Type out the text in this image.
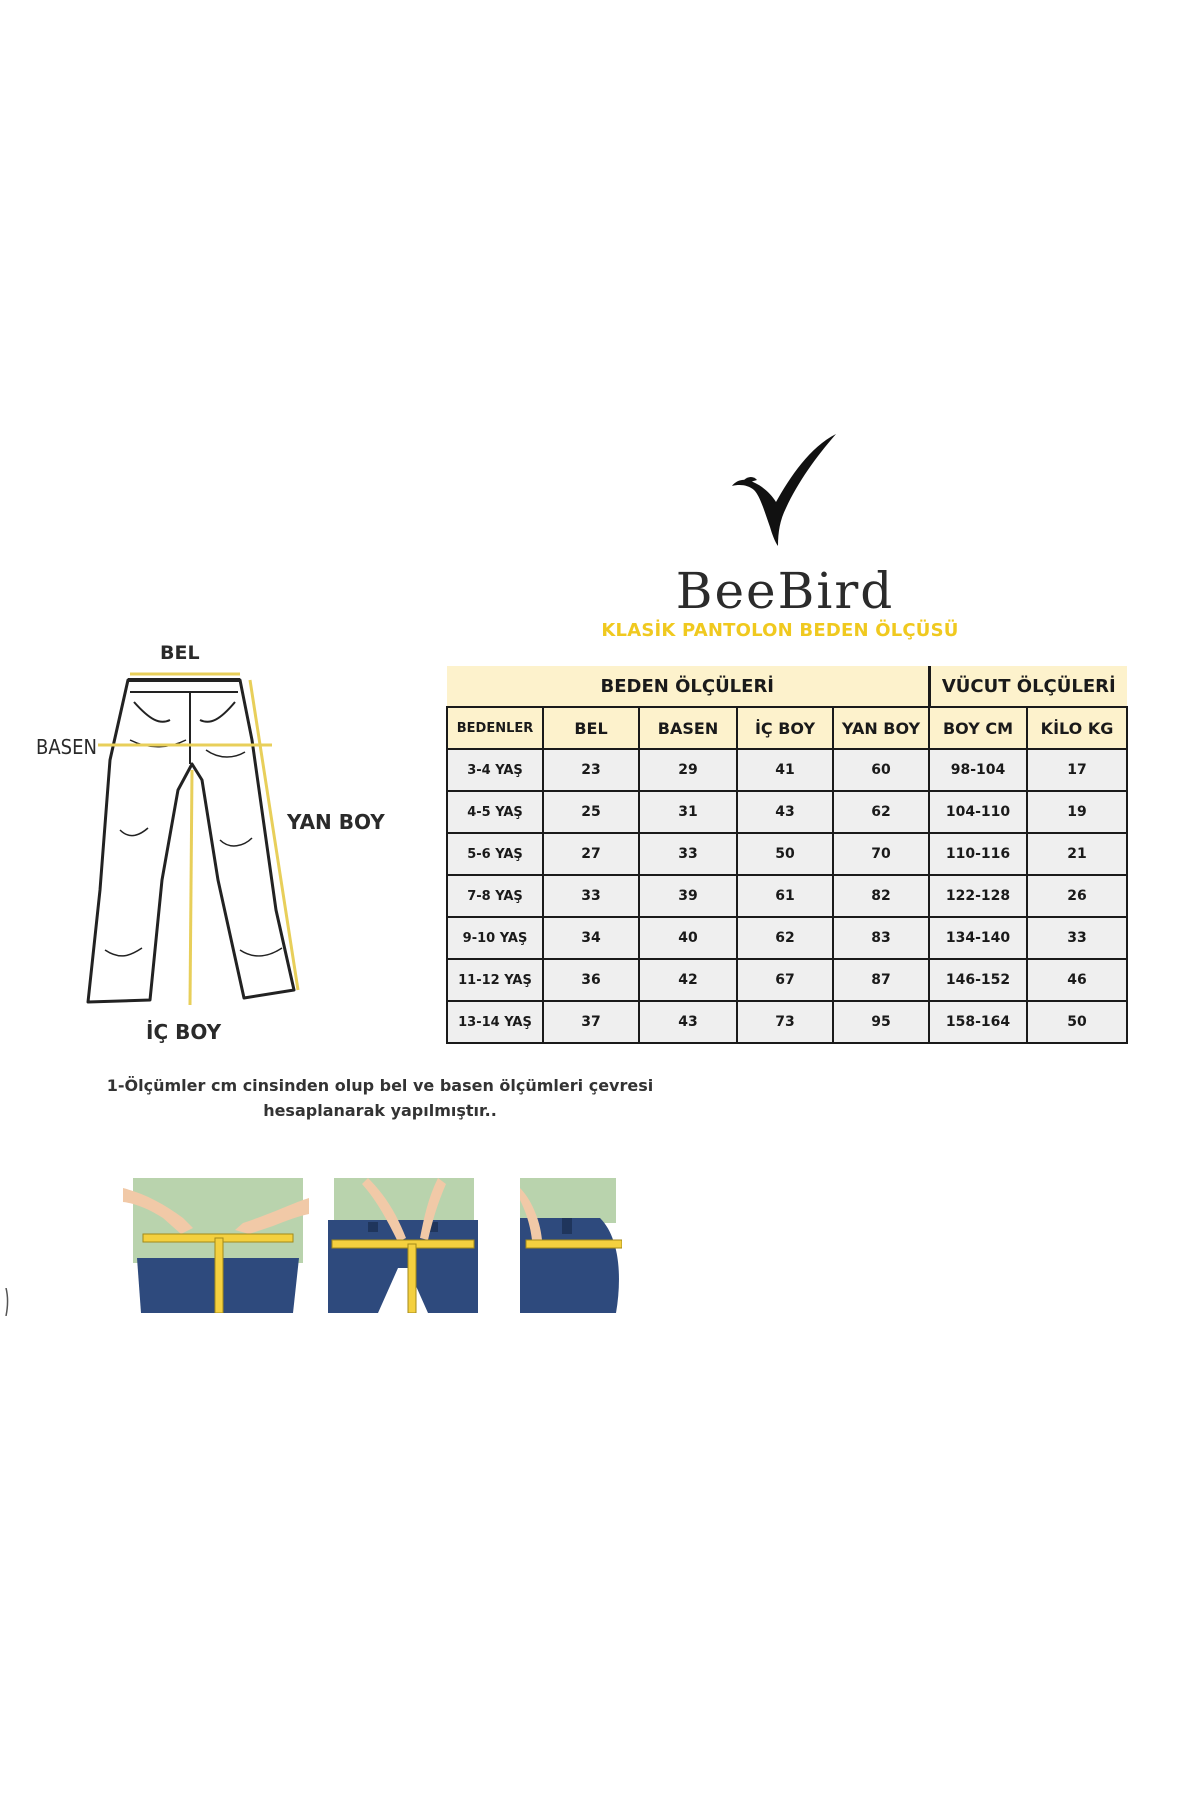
BeeBird
KLASİK PANTOLON BEDEN ÖLÇÜSÜ
BEDEN ÖLÇÜLERİ					VÜCUT ÖLÇÜLERİ	
BEDENLER	BEL	BASEN	İÇ BOY	YAN BOY	BOY CM	KİLO KG
3-4 YAŞ	23	29	41	60	98-104	17
4-5 YAŞ	25	31	43	62	104-110	19
5-6 YAŞ	27	33	50	70	110-116	21
7-8 YAŞ	33	39	61	82	122-128	26
9-10 YAŞ	34	40	62	83	134-140	33
11-12 YAŞ	36	42	67	87	146-152	46
13-14 YAŞ	37	43	73	95	158-164	50
BEL
BASEN
YAN BOY
İÇ BOY
1-Ölçümler cm cinsinden olup bel ve basen ölçümleri çevresi
hesaplanarak yapılmıştır..
